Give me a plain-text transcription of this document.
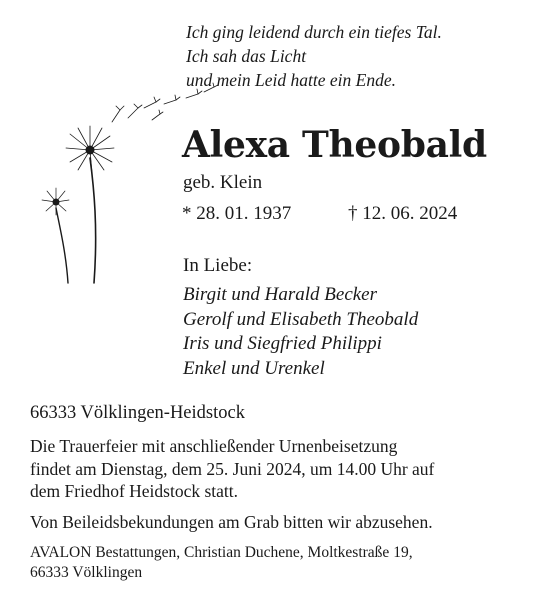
Ich ging leidend durch ein tiefes Tal.
Ich sah das Licht
und mein Leid hatte ein Ende.
Alexa Theobald
geb. Klein
* 28. 01. 1937	† 12. 06. 2024
In Liebe:
Birgit und Harald Becker
Gerolf und Elisabeth Theobald
Iris und Siegfried Philippi
Enkel und Urenkel
66333 Völklingen-Heidstock
Die Trauerfeier mit anschließender Urnenbeisetzung
findet am Dienstag, dem 25. Juni 2024, um 14.00 Uhr auf
dem Friedhof Heidstock statt.
Von Beileidsbekundungen am Grab bitten wir abzusehen.
AVALON Bestattungen, Christian Duchene, Moltkestraße 19,
66333 Völklingen
